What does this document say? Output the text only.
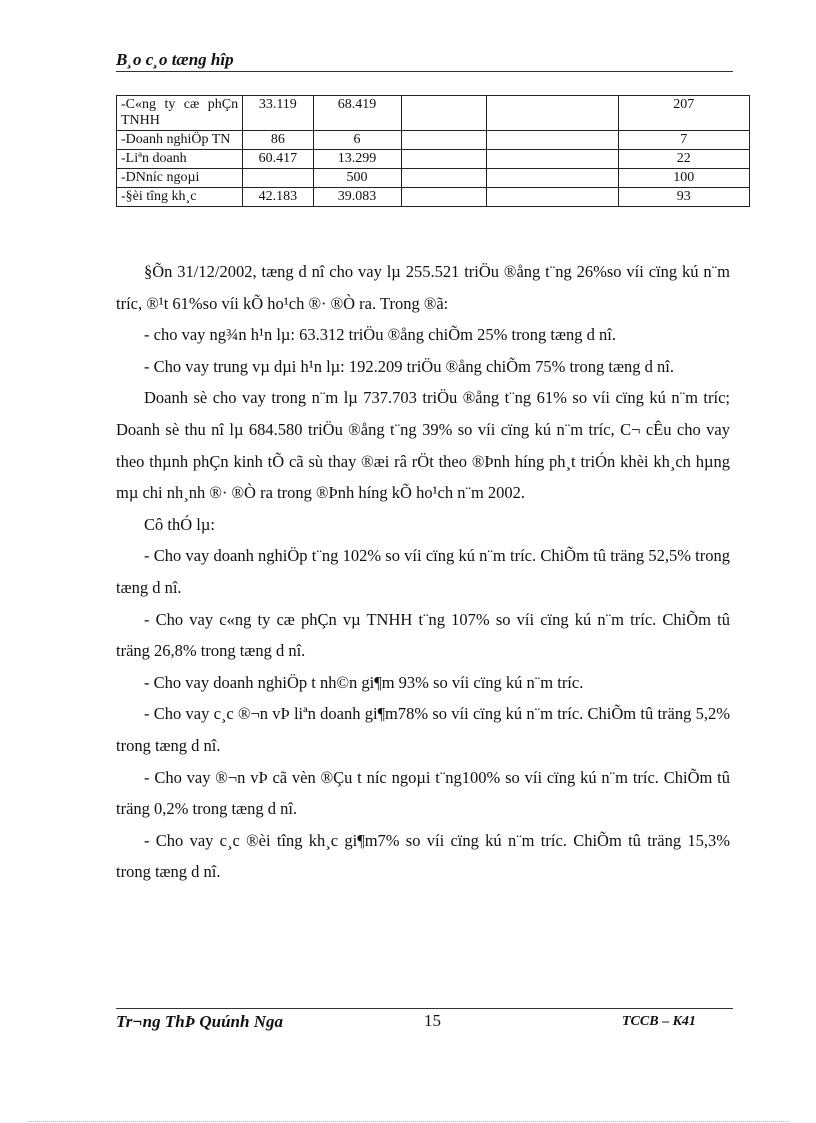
B¸o c¸o tæng hîp
-C«ng ty cæ phÇn TNHH	33.119	68.419			207
-Doanh nghiÖp TN	86	6			7
-Liªn doanh	60.417	13.299			22
-DNníc ngoµi		500			100
-§èi tîng kh¸c	42.183	39.083			93

§Õn 31/12/2002, tæng d nî cho vay lµ 255.521 triÖu ®ång t¨ng 26%so víi cïng kú n¨m tríc, ®¹t 61%so víi kÕ ho¹ch ®· ®Ò ra. Trong ®ã:

- cho vay ng¾n h¹n lµ: 63.312 triÖu ®ång chiÕm 25% trong tæng d nî.

- Cho vay trung vµ dµi h¹n lµ: 192.209 triÖu ®ång chiÕm 75% trong tæng d nî.

Doanh sè cho vay trong n¨m lµ 737.703 triÖu ®ång t¨ng 61% so víi cïng kú n¨m tríc; Doanh sè thu nî lµ 684.580 triÖu ®ång t¨ng 39% so víi cïng kú n¨m tríc, C¬ cÊu cho vay theo thµnh phÇn kinh tÕ cã sù thay ®æi râ rÖt theo ®Þnh híng ph¸t triÓn khèi kh¸ch hµng mµ chi nh¸nh ®· ®Ò ra trong ®Þnh híng kÕ ho¹ch n¨m 2002.

Cô thÓ lµ:

- Cho vay doanh nghiÖp t¨ng 102% so víi cïng kú n¨m tríc. ChiÕm tû träng 52,5% trong tæng d nî.

- Cho vay c«ng ty cæ phÇn vµ TNHH t¨ng 107% so víi cïng kú n¨m tríc. ChiÕm tû träng 26,8% trong tæng d nî.

- Cho vay doanh nghiÖp t nh©n gi¶m 93% so víi cïng kú n¨m tríc.

- Cho vay c¸c ®¬n vÞ liªn doanh gi¶m78% so víi cïng kú n¨m tríc. ChiÕm tû träng 5,2% trong tæng d nî.

- Cho vay ®¬n vÞ cã vèn ®Çu t níc ngoµi t¨ng100% so víi cïng kú n¨m tríc. ChiÕm tû träng 0,2% trong tæng d nî.

- Cho vay c¸c ®èi tîng kh¸c gi¶m7% so víi cïng kú n¨m tríc. ChiÕm tû träng 15,3% trong tæng d nî.

Tr¬ng ThÞ Quúnh Nga	15	TCCB – K41
